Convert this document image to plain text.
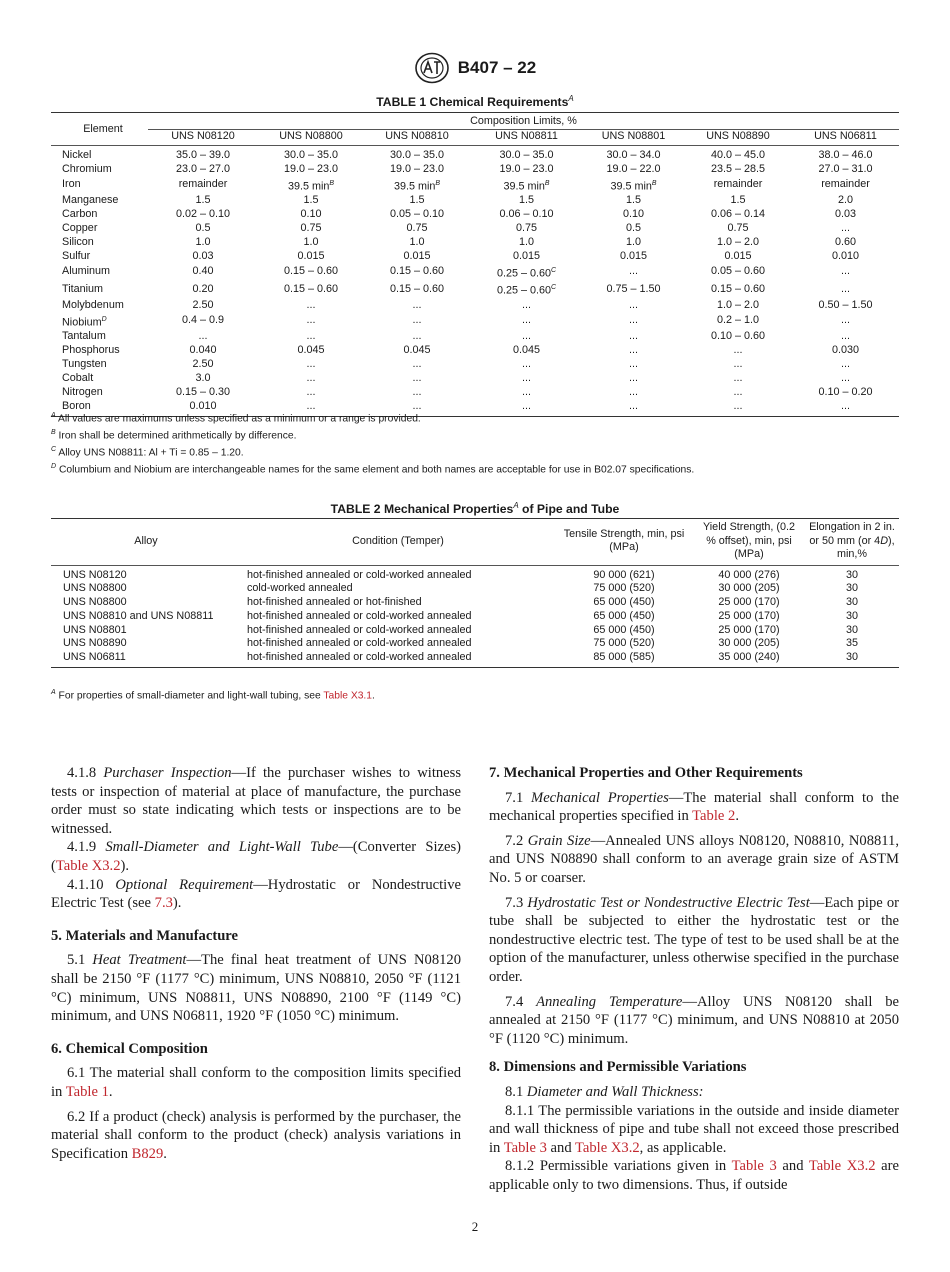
B407 – 22
TABLE 1 Chemical Requirements$^A$
Element	Composition Limits, %						
	UNS N08120	UNS N08800	UNS N08810	UNS N08811	UNS N08801	UNS N08890	UNS N06811
Nickel	35.0 – 39.0	30.0 – 35.0	30.0 – 35.0	30.0 – 35.0	30.0 – 34.0	40.0 – 45.0	38.0 – 46.0
Chromium	23.0 – 27.0	19.0 – 23.0	19.0 – 23.0	19.0 – 23.0	19.0 – 22.0	23.5 – 28.5	27.0 – 31.0
Iron	remainder	39.5 $\min^B$	39.5 $\min^B$	39.5 $\min^B$	39.5 $\min^B$	remainder	remainder
Manganese	1.5	1.5	1.5	1.5	1.5	1.5	2.0
Carbon	0.02 – 0.10	0.10	0.05 – 0.10	0.06 – 0.10	0.10	0.06 – 0.14	0.03
Copper	0.5	0.75	0.75	0.75	0.5	0.75	...
Silicon	1.0	1.0	1.0	1.0	1.0	1.0 – 2.0	0.60
Sulfur	0.03	0.015	0.015	0.015	0.015	0.015	0.010
Aluminum	0.40	0.15 – 0.60	0.15 – 0.60	$0.25 - 0.60^C$	...	0.05 – 0.60	...
Titanium	0.20	0.15 – 0.60	0.15 – 0.60	$0.25 - 0.60^C$	0.75 – 1.50	0.15 – 0.60	...
Molybdenum	2.50	...	...	...	...	1.0 – 2.0	0.50 – 1.50
Niobium$^D$	0.4 – 0.9	...	...	...	...	0.2 – 1.0	...
Tantalum	...	...	...	...	...	0.10 – 0.60	...
Phosphorus	0.040	0.045	0.045	0.045	...	...	0.030
Tungsten	2.50	...	...	...	...	...	...
Cobalt	3.0	...	...	...	...	...	...
Nitrogen	0.15 – 0.30	...	...	...	...	...	0.10 – 0.20
Boron	0.010	...	...	...	...	...	...
$^A$ All values are maximums unless specified as a minimum or a range is provided.
$^B$ Iron shall be determined arithmetically by difference.
$^C$ Alloy UNS N08811: Al + Ti = 0.85 – 1.20.
$^D$ Columbium and Niobium are interchangeable names for the same element and both names are acceptable for use in B02.07 specifications.
TABLE 2 Mechanical Properties$^A$ of Pipe and Tube
Alloy	Condition (Temper)	Tensile Strength, min, psi (MPa)	Yield Strength, (0.2 % offset), min, psi (MPa)	Elongation in 2 in. or 50 mm (or 4D), min,%
UNS N08120	hot-finished annealed or cold-worked annealed	90 000 (621)	40 000 (276)	30
UNS N08800	cold-worked annealed	75 000 (520)	30 000 (205)	30
UNS N08800	hot-finished annealed or hot-finished	65 000 (450)	25 000 (170)	30
UNS N08810 and UNS N08811	hot-finished annealed or cold-worked annealed	65 000 (450)	25 000 (170)	30
UNS N08801	hot-finished annealed or cold-worked annealed	65 000 (450)	25 000 (170)	30
UNS N08890	hot-finished annealed or cold-worked annealed	75 000 (520)	30 000 (205)	35
UNS N06811	hot-finished annealed or cold-worked annealed	85 000 (585)	35 000 (240)	30
$^A$ For properties of small-diameter and light-wall tubing, see Table X3.1.

4.1.8 Purchaser Inspection—If the purchaser wishes to witness tests or inspection of material at place of manufacture, the purchase order must so state indicating which tests or inspections are to be witnessed.

4.1.9 Small-Diameter and Light-Wall Tube—(Converter Sizes) (Table X3.2).

4.1.10 Optional Requirement—Hydrostatic or Nondestructive Electric Test (see 7.3).

5. Materials and Manufacture

5.1 Heat Treatment—The final heat treatment of UNS N08120 shall be 2150 °F (1177 °C) minimum, UNS N08810, 2050 °F (1121 °C) minimum, UNS N08811, UNS N08890, 2100 °F (1149 °C) minimum, and UNS N06811, 1920 °F (1050 °C) minimum.

6. Chemical Composition

6.1 The material shall conform to the composition limits specified in Table 1.

6.2 If a product (check) analysis is performed by the purchaser, the material shall conform to the product (check) analysis variations in Specification B829.

7. Mechanical Properties and Other Requirements

7.1 Mechanical Properties—The material shall conform to the mechanical properties specified in Table 2.

7.2 Grain Size—Annealed UNS alloys N08120, N08810, N08811, and UNS N08890 shall conform to an average grain size of ASTM No. 5 or coarser.

7.3 Hydrostatic Test or Nondestructive Electric Test—Each pipe or tube shall be subjected to either the hydrostatic test or the nondestructive electric test. The type of test to be used shall be at the option of the manufacturer, unless otherwise specified in the purchase order.

7.4 Annealing Temperature—Alloy UNS N08120 shall be annealed at 2150 °F (1177 °C) minimum, and UNS N08810 at 2050 °F (1120 °C) minimum.

8. Dimensions and Permissible Variations

8.1 Diameter and Wall Thickness:

8.1.1 The permissible variations in the outside and inside diameter and wall thickness of pipe and tube shall not exceed those prescribed in Table 3 and Table X3.2, as applicable.

8.1.2 Permissible variations given in Table 3 and Table X3.2 are applicable only to two dimensions. Thus, if outside

2
